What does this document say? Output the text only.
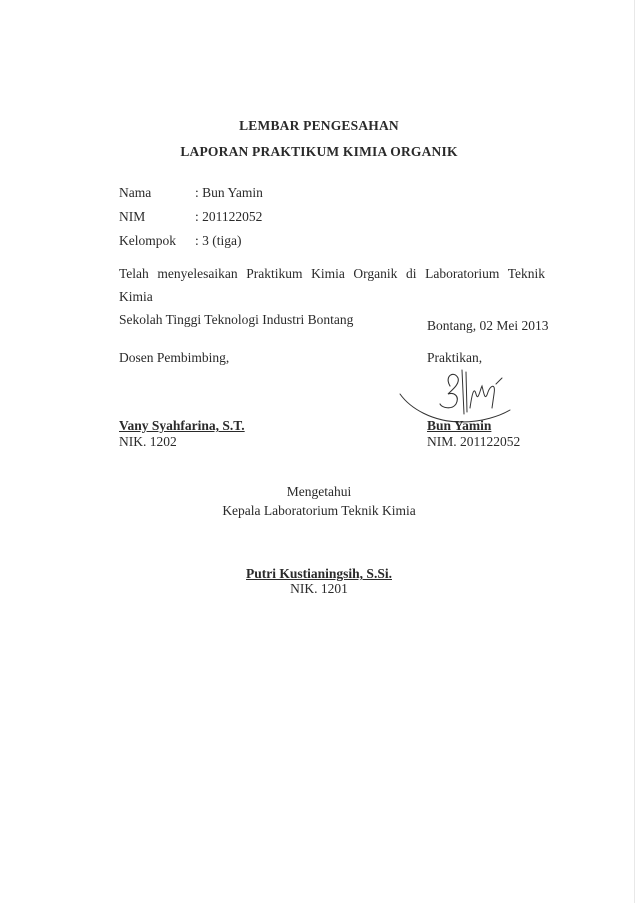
LEMBAR PENGESAHAN
LAPORAN PRAKTIKUM KIMIA ORGANIK
Nama	: Bun Yamin
NIM	: 201122052
Kelompok : 3 (tiga)
Telah menyelesaikan Praktikum Kimia Organik di Laboratorium Teknik Kimia
Sekolah Tinggi Teknologi Industri Bontang	Bontang, 02 Mei 2013
Dosen Pembimbing,	Praktikan,
Vany Syahfarina, S.T.
NIK. 1202
Bun Yamin
NIM. 201122052
Mengetahui
Kepala Laboratorium Teknik Kimia
Putri Kustianingsih, S.Si.
NIK. 1201
